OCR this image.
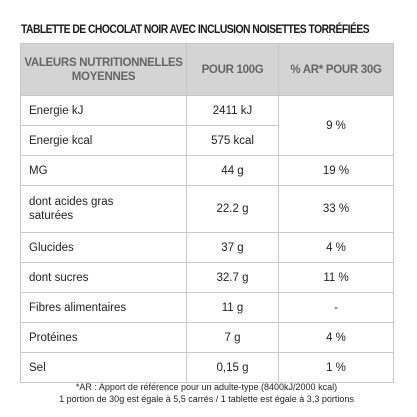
TABLETTE DE CHOCOLAT NOIR AVEC INCLUSION NOISETTES TORRÉFIÉES
VALEURS NUTRITIONNELLES
MOYENNES	POUR 100G	% AR* POUR 30G
Energie kJ	2411 kJ	9 %
Energie kcal	575 kcal	
MG	44 g	19 %
dont acides gras
saturées	22.2 g	33 %
Glucides	37 g	4 %
dont sucres	32.7 g	11 %
Fibres alimentaires	11 g	-
Protéines	7 g	4 %
Sel	0,15 g	1 %
*AR : Apport de référence pour un adulte-type (8400kJ/2000 kcal)
1 portion de 30g est égale à 5,5 carrés / 1 tablette est égale à 3,3 portions
